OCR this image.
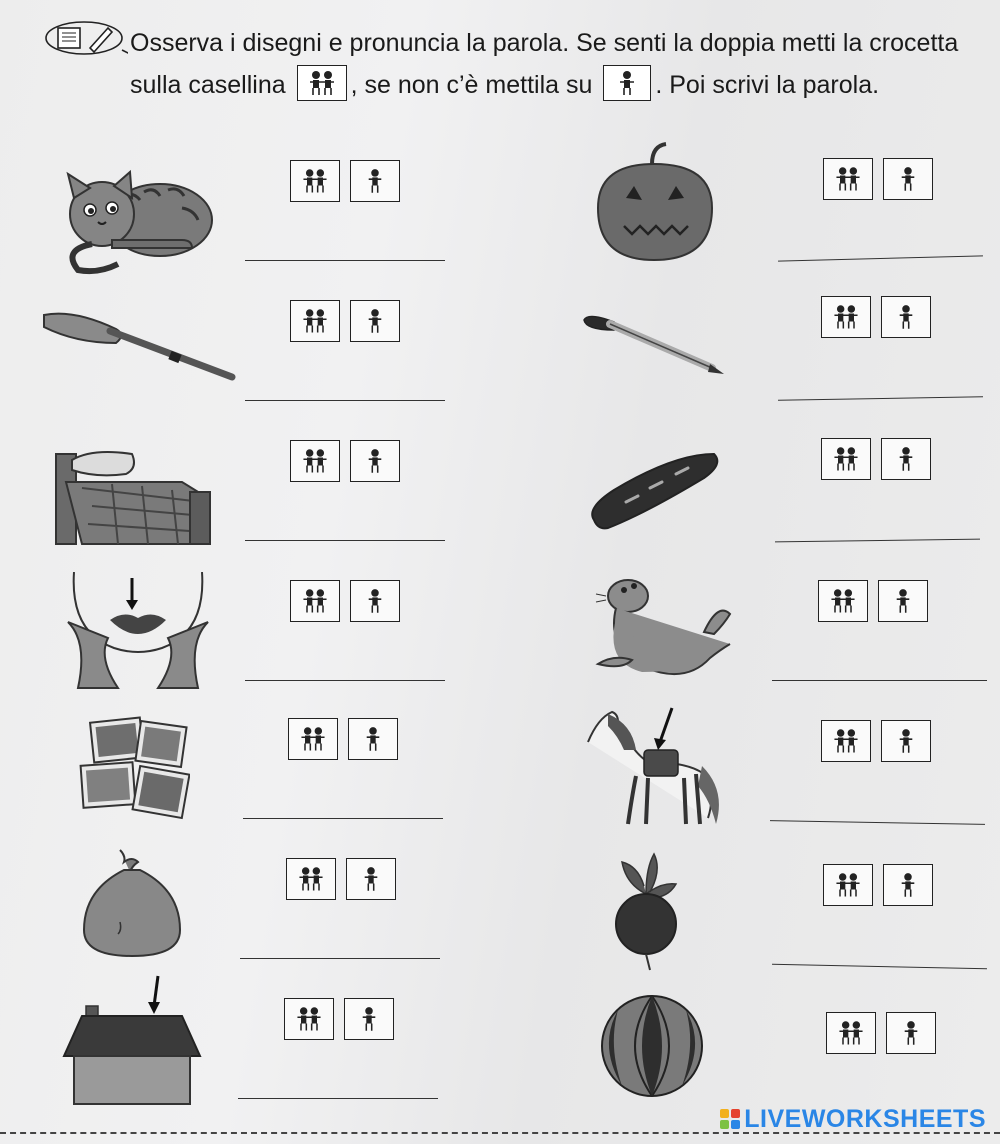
Osserva i disegni e pronuncia la parola. Se senti la doppia metti la crocetta sulla casellina	, se non c’è mettila su	. Poi scrivi la parola.
LIVEWORKSHEETS
